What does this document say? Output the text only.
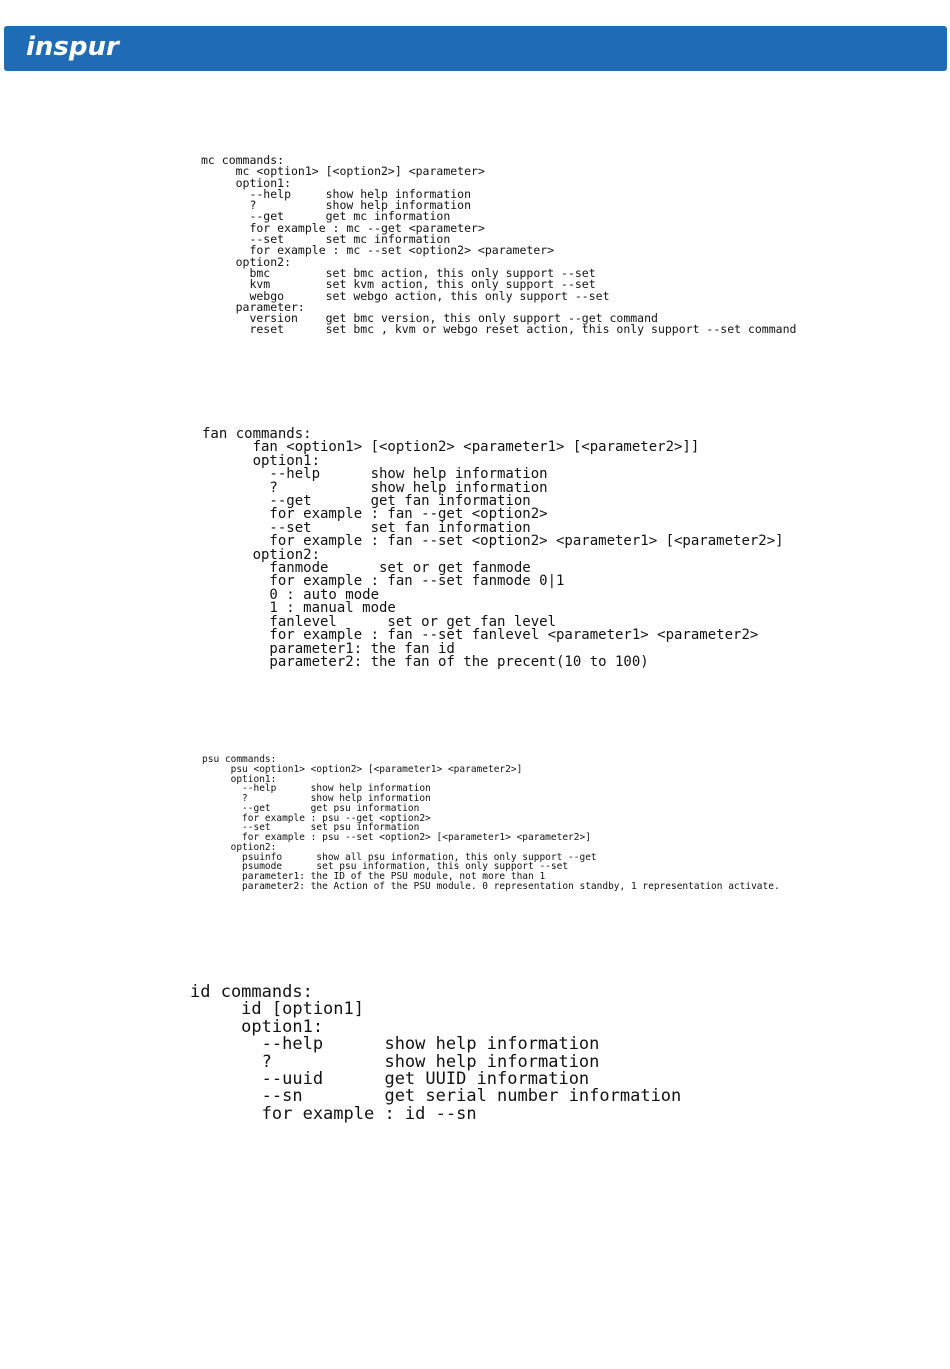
inspur
mc commands:
mc <option1> [<option2>] <parameter>
option1:
--help     show help information
?          show help information
--get      get mc information
for example : mc --get <parameter>
--set      set mc information
for example : mc --set <option2> <parameter>
option2:
bmc        set bmc action, this only support --set
kvm        set kvm action, this only support --set
webgo      set webgo action, this only support --set
parameter:
version    get bmc version, this only support --get command
reset      set bmc , kvm or webgo reset action, this only support --set command
fan commands:
fan <option1> [<option2> <parameter1> [<parameter2>]]
option1:
--help      show help information
?           show help information
--get       get fan information
for example : fan --get <option2>
--set       set fan information
for example : fan --set <option2> <parameter1> [<parameter2>]
option2:
fanmode      set or get fanmode
for example : fan --set fanmode 0|1
0 : auto mode
1 : manual mode
fanlevel      set or get fan level
for example : fan --set fanlevel <parameter1> <parameter2>
parameter1: the fan id
parameter2: the fan of the precent(10 to 100)
psu commands:
psu <option1> <option2> [<parameter1> <parameter2>]
option1:
--help      show help information
?           show help information
--get       get psu information
for example : psu --get <option2>
--set       set psu information
for example : psu --set <option2> [<parameter1> <parameter2>]
option2:
psuinfo      show all psu information, this only support --get
psumode      set psu information, this only support --set
parameter1: the ID of the PSU module, not more than 1
parameter2: the Action of the PSU module. 0 representation standby, 1 representation activate.
id commands:
id [option1]
option1:
--help      show help information
?           show help information
--uuid      get UUID information
--sn        get serial number information
for example : id --sn
